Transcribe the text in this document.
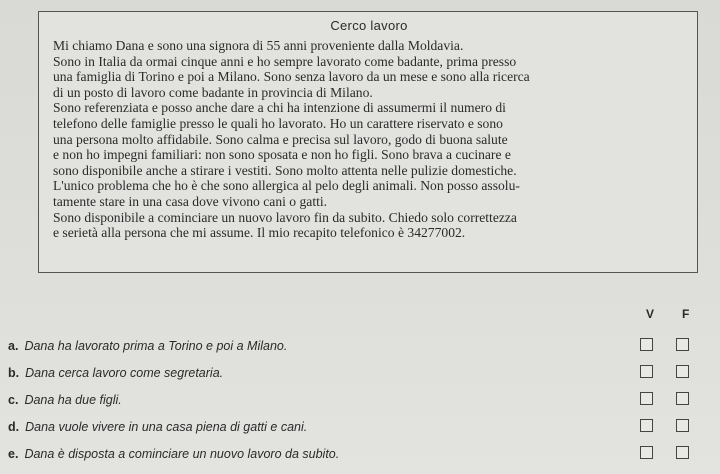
Cerco lavoro
Mi chiamo Dana e sono una signora di 55 anni proveniente dalla Moldavia.
Sono in Italia da ormai cinque anni e ho sempre lavorato come badante, prima presso
una famiglia di Torino e poi a Milano. Sono senza lavoro da un mese e sono alla ricerca
di un posto di lavoro come badante in provincia di Milano.
Sono referenziata e posso anche dare a chi ha intenzione di assumermi il numero di
telefono delle famiglie presso le quali ho lavorato. Ho un carattere riservato e sono
una persona molto affidabile. Sono calma e precisa sul lavoro, godo di buona salute
e non ho impegni familiari: non sono sposata e non ho figli. Sono brava a cucinare e
sono disponibile anche a stirare i vestiti. Sono molto attenta nelle pulizie domestiche.
L'unico problema che ho è che sono allergica al pelo degli animali. Non posso assolu-
tamente stare in una casa dove vivono cani o gatti.
Sono disponibile a cominciare un nuovo lavoro fin da subito. Chiedo solo correttezza
e serietà alla persona che mi assume. Il mio recapito telefonico è 34277002.
V F
a. Dana ha lavorato prima a Torino e poi a Milano.
b. Dana cerca lavoro come segretaria.
c. Dana ha due figli.
d. Dana vuole vivere in una casa piena di gatti e cani.
e. Dana è disposta a cominciare un nuovo lavoro da subito.
